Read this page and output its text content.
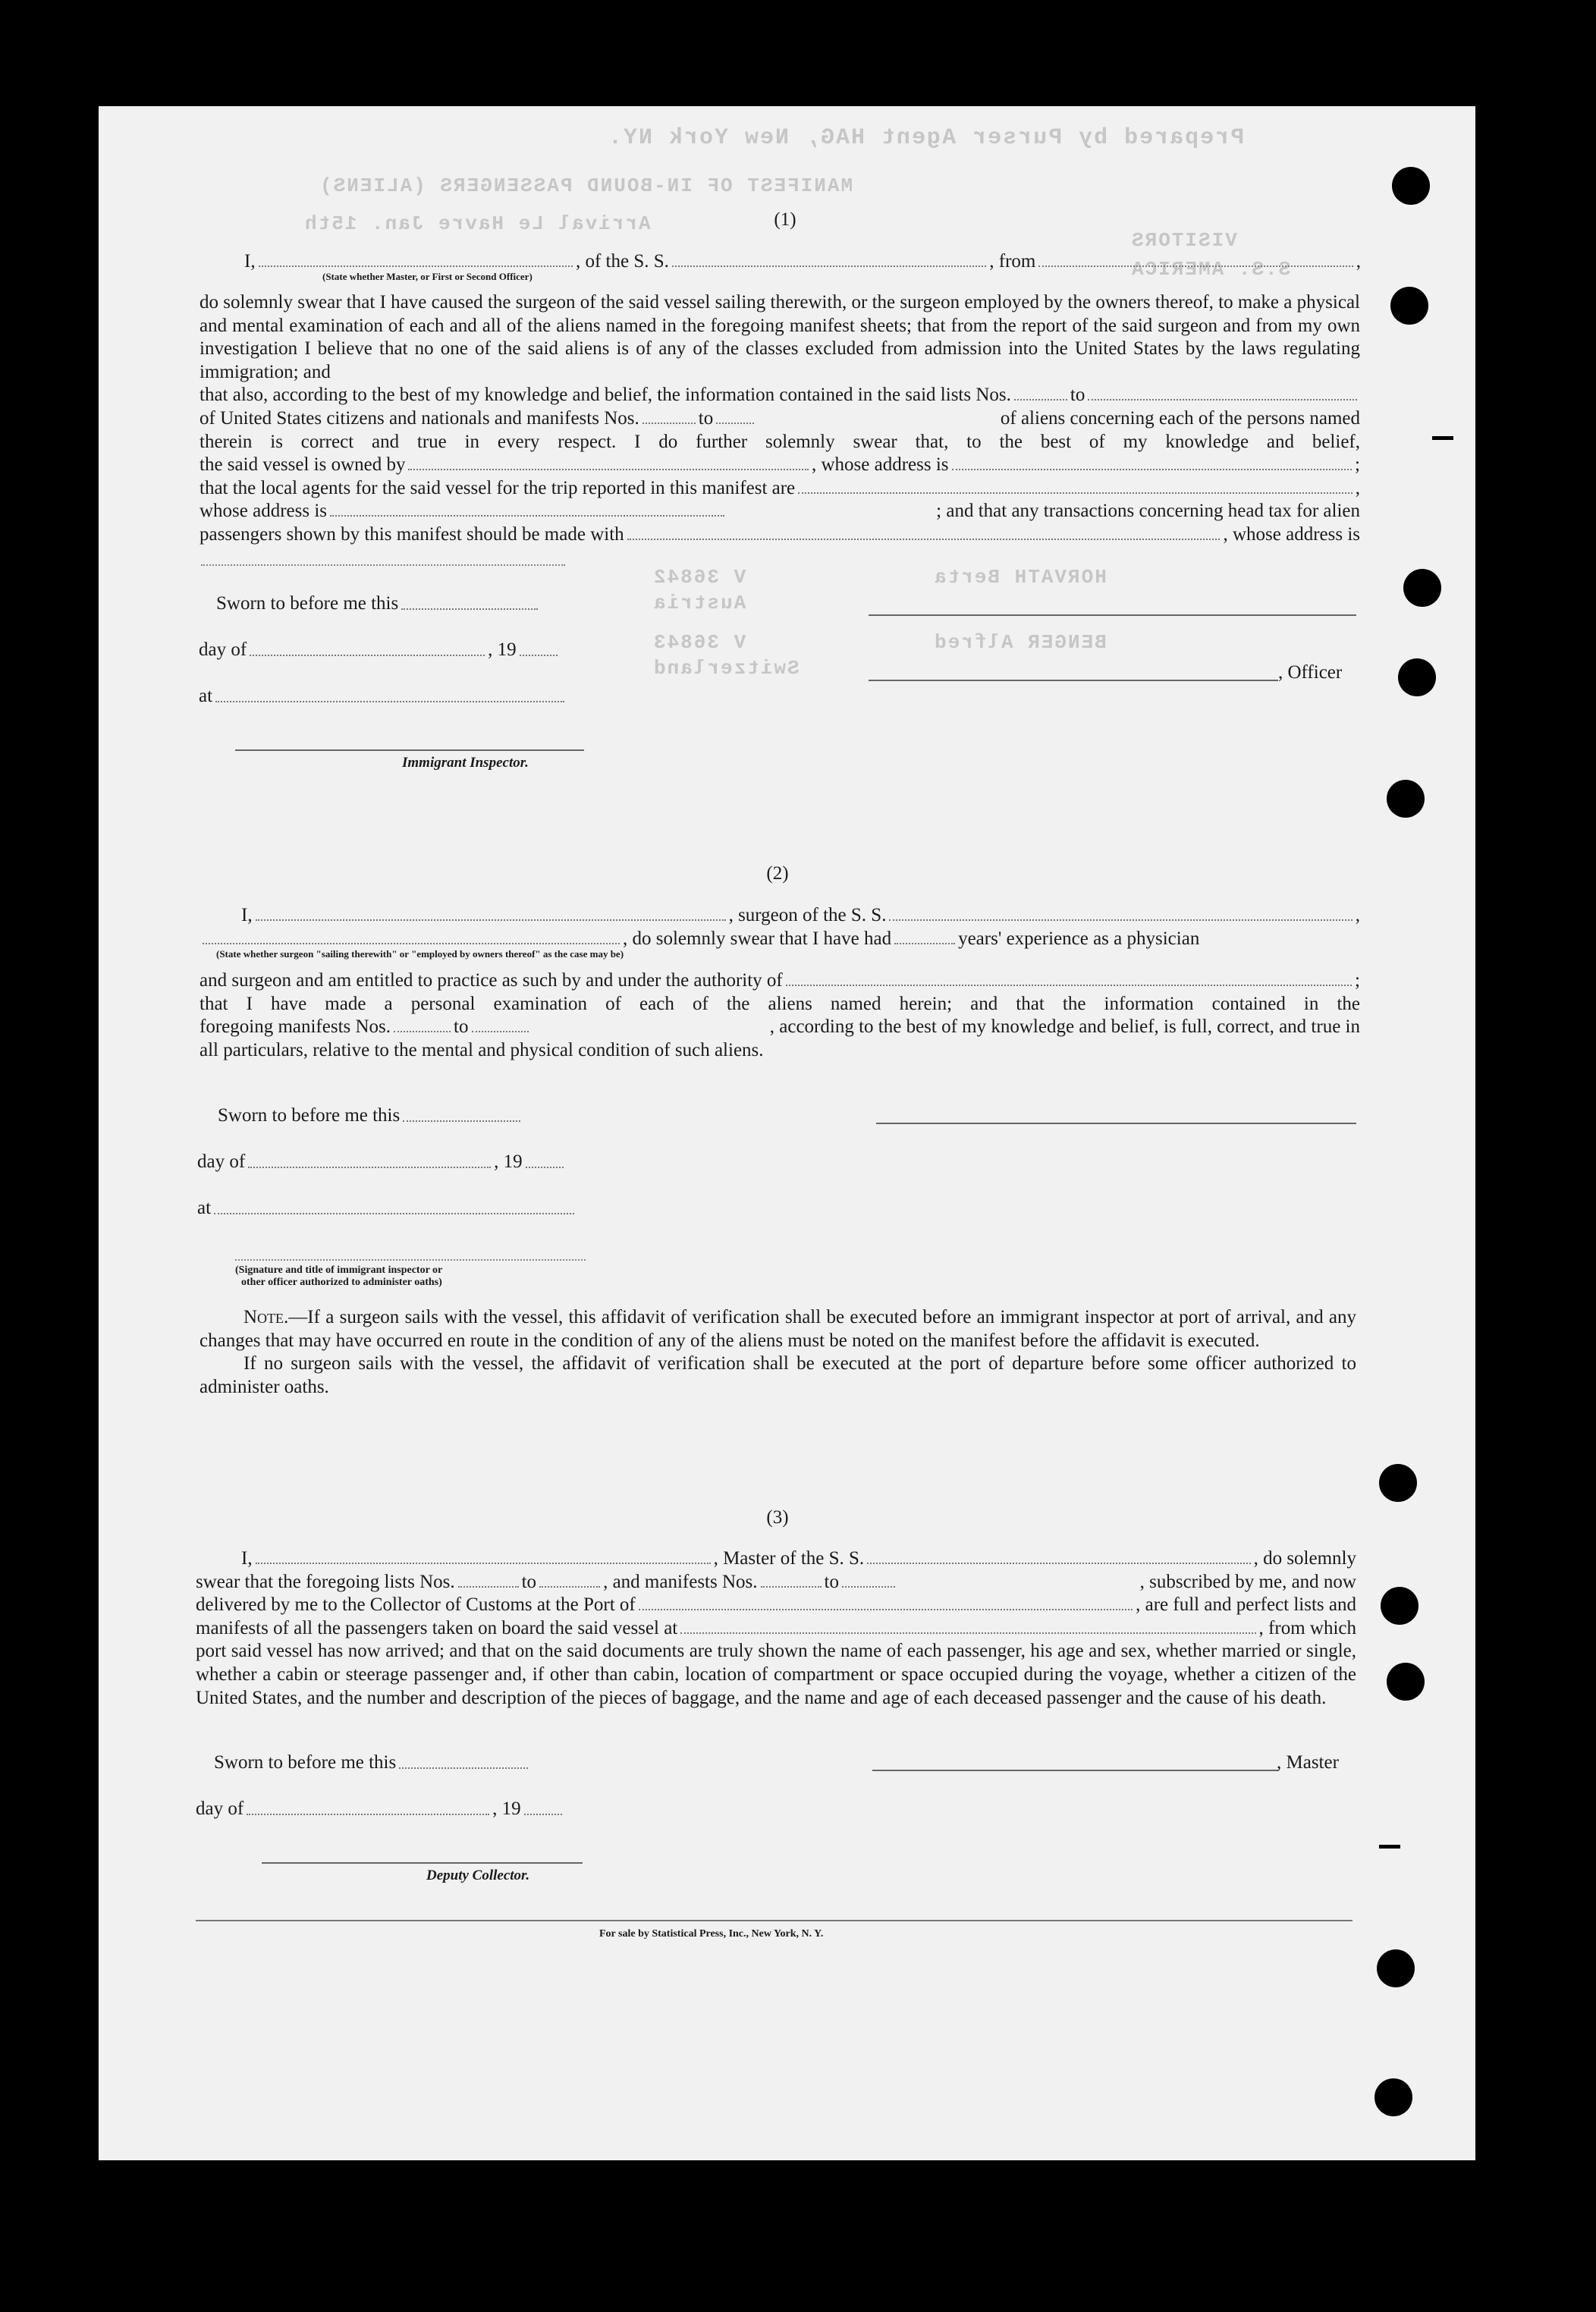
Prepared by Purser Agent HAG, New York NY.
MANIFEST OF IN-BOUND PASSENGERS (ALIENS)
Arrival Le Havre Jan. 15th
VISITORS
S.S. AMERICA
HORVATH Berta
V 36842
Austria
BENGER Alfred
V 36843
Switzerland
(1)
I,	, of the S. S.	, from	,
(State whether Master, or First or Second Officer)
do solemnly swear that I have caused the surgeon of the said vessel sailing therewith, or the surgeon employed by the owners thereof, to make a physical and mental examination of each and all of the aliens named in the foregoing manifest sheets; that from the report of the said surgeon and from my own investigation I believe that no one of the said aliens is of any of the classes excluded from admission into the United States by the laws regulating immigration; and
that also, according to the best of my knowledge and belief, the information contained in the said lists Nos.	to
of United States citizens and nationals and manifests Nos.	to	of aliens concerning each of the persons named
therein is correct and true in every respect. I do further solemnly swear that, to the best of my knowledge and belief,
the said vessel is owned by	, whose address is	;
that the local agents for the said vessel for the trip reported in this manifest are	,
whose address is	; and that any transactions concerning head tax for alien
passengers shown by this manifest should be made with	, whose address is
Sworn to before me this
day of	, 19
at
Immigrant Inspector.
, Officer
(2)
I,	, surgeon of the S. S.	,
, do solemnly swear that I have had	years' experience as a physician
(State whether surgeon "sailing therewith" or "employed by owners thereof" as the case may be)
and surgeon and am entitled to practice as such by and under the authority of	;
that I have made a personal examination of each of the aliens named herein; and that the information contained in the
foregoing manifests Nos.	to	, according to the best of my knowledge and belief, is full, correct, and true in
all particulars, relative to the mental and physical condition of such aliens.
Sworn to before me this
day of	, 19
at
(Signature and title of immigrant inspector or
other officer authorized to administer oaths)
Note.—If a surgeon sails with the vessel, this affidavit of verification shall be executed before an immigrant inspector at port of arrival, and any changes that may have occurred en route in the condition of any of the aliens must be noted on the manifest before the affidavit is executed.
If no surgeon sails with the vessel, the affidavit of verification shall be executed at the port of departure before some officer authorized to administer oaths.
(3)
I,	, Master of the S. S.	, do solemnly
swear that the foregoing lists Nos.	to	, and manifests Nos.	to	, subscribed by me, and now
delivered by me to the Collector of Customs at the Port of	, are full and perfect lists and
manifests of all the passengers taken on board the said vessel at	, from which
port said vessel has now arrived; and that on the said documents are truly shown the name of each passenger, his age and sex, whether married or single, whether a cabin or steerage passenger and, if other than cabin, location of compartment or space occupied during the voyage, whether a citizen of the United States, and the number and description of the pieces of baggage, and the name and age of each deceased passenger and the cause of his death.
Sworn to before me this	, Master
day of	, 19
Deputy Collector.
For sale by Statistical Press, Inc., New York, N. Y.
